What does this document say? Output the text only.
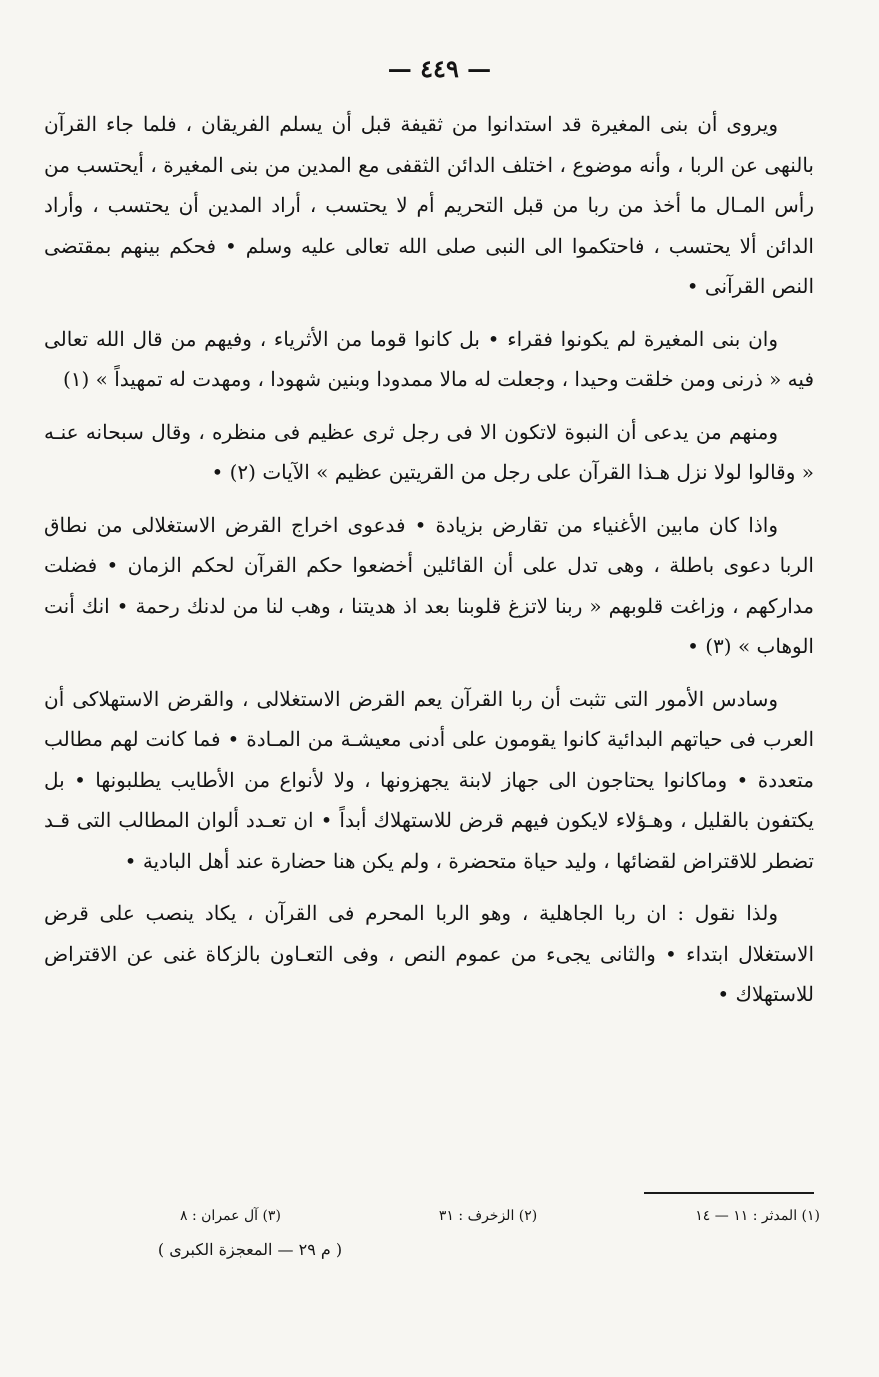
— ٤٤٩ —

ويروى أن بنى المغيرة قد استدانوا من ثقيفة قبل أن يسلم الفريقان ، فلما جاء القرآن بالنهى عن الربا ، وأنه موضوع ، اختلف الدائن الثقفى مع المدين من بنى المغيرة ، أيحتسب من رأس المـال ما أخذ من ربا من قبل التحريم أم لا يحتسب ، أراد المدين أن يحتسب ، وأراد الدائن ألا يحتسب ، فاحتكموا الى النبى صلى الله تعالى عليه وسلم • فحكم بينهم بمقتضى النص القرآنى •

وان بنى المغيرة لم يكونوا فقراء • بل كانوا قوما من الأثرياء ، وفيهم من قال الله تعالى فيه « ذرنى ومن خلقت وحيدا ، وجعلت له مالا ممدودا وبنين شهودا ، ومهدت له تمهيداً » (١)

ومنهم من يدعى أن النبوة لاتكون الا فى رجل ثرى عظيم فى منظره ، وقال سبحانه عنـه « وقالوا لولا نزل هـذا القرآن على رجل من القريتين عظيم » الآيات (٢) •

واذا كان مابين الأغنياء من تقارض بزيادة • فدعوى اخراج القرض الاستغلالى من نطاق الربا دعوى باطلة ، وهى تدل على أن القائلين أخضعوا حكم القرآن لحكم الزمان • فضلت مداركهم ، وزاغت قلوبهم « ربنا لاتزغ قلوبنا بعد اذ هديتنا ، وهب لنا من لدنك رحمة • انك أنت الوهاب » (٣) •

وسادس الأمور التى تثبت أن ربا القرآن يعم القرض الاستغلالى ، والقرض الاستهلاكى أن العرب فى حياتهم البدائية كانوا يقومون على أدنى معيشـة من المـادة • فما كانت لهم مطالب متعددة • وماكانوا يحتاجون الى جهاز لابنة يجهزونها ، ولا لأنواع من الأطايب يطلبونها • بل يكتفون بالقليل ، وهـؤلاء لايكون فيهم قرض للاستهلاك أبداً • ان تعـدد ألوان المطالب التى قـد تضطر للاقتراض لقضائها ، وليد حياة متحضرة ، ولم يكن هنا حضارة عند أهل البادية •

ولذا نقول : ان ربا الجاهلية ، وهو الربا المحرم فى القرآن ، يكاد ينصب على قرض الاستغلال ابتداء • والثانى يجىء من عموم النص ، وفى التعـاون بالزكاة غنى عن الاقتراض للاستهلاك •

(١) المدثر : ١١ — ١٤
(٢) الزخرف : ٣١
(٣) آل عمران : ٨
( م ٢٩ — المعجزة الكبرى )
